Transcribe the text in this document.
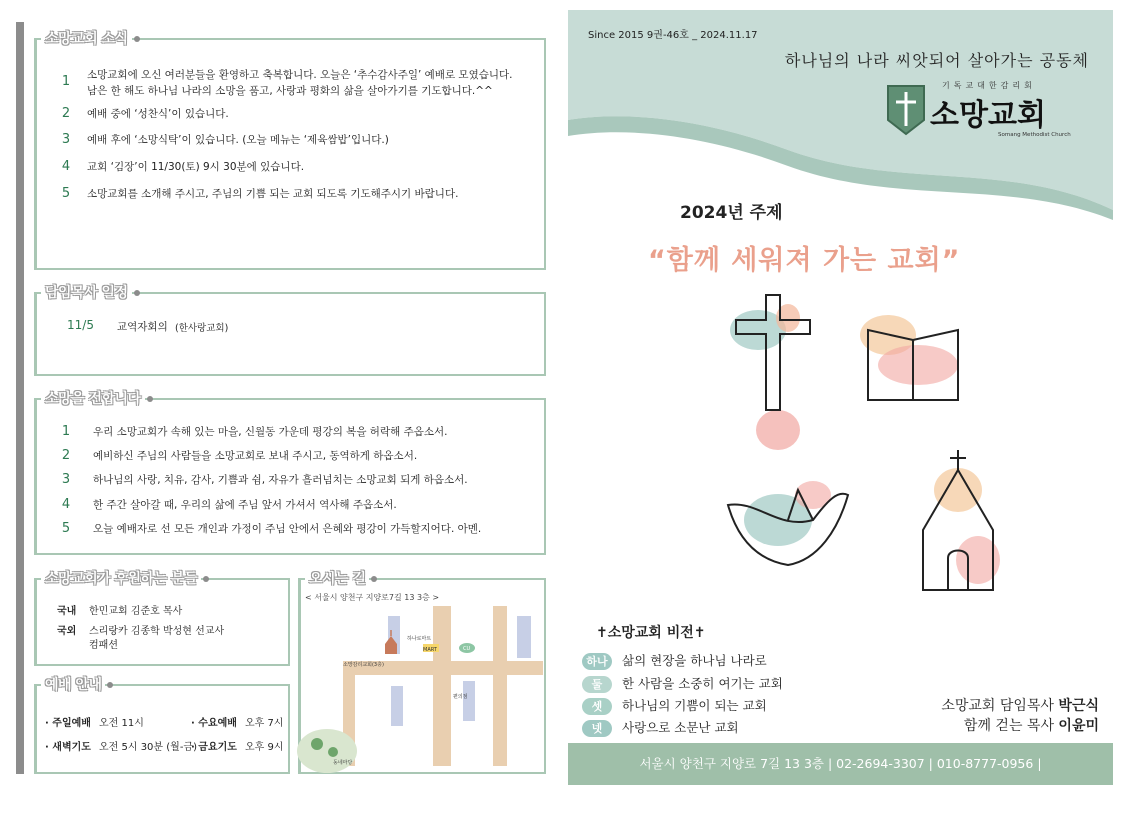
소망교회 소식
1 소망교회에 오신 여러분들을 환영하고 축복합니다. 오늘은 ‘추수감사주일’ 예배로 모였습니다.
남은 한 해도 하나님 나라의 소망을 품고, 사랑과 평화의 삶을 살아가기를 기도합니다.^^
2 예배 중에 ‘성찬식’이 있습니다.
3 예배 후에 ‘소망식탁’이 있습니다. (오늘 메뉴는 ‘제육쌈밥’입니다.)
4 교회 ‘김장’이 11/30(토) 9시 30분에 있습니다.
5 소망교회를 소개해 주시고, 주님의 기쁨 되는 교회 되도록 기도해주시기 바랍니다.
담임목사 일정
11/5 교역자회의 (한사랑교회)
소망을 전합니다
1 우리 소망교회가 속해 있는 마을, 신월동 가운데 평강의 복을 허락해 주옵소서.
2 예비하신 주님의 사람들을 소망교회로 보내 주시고, 동역하게 하옵소서.
3 하나님의 사랑, 치유, 감사, 기쁨과 쉼, 자유가 흘러넘치는 소망교회 되게 하옵소서.
4 한 주간 살아갈 때, 우리의 삶에 주님 앞서 가셔서 역사해 주옵소서.
5 오늘 예배자로 선 모든 개인과 가정이 주님 안에서 은혜와 평강이 가득할지어다. 아멘.
소망교회가 후원하는 분들
국내 한민교회 김준호 목사
국외 스리랑카 김종학 박성현 선교사
컴패션
예배 안내
· 주일예배 오전 11시	· 수요예배 오후 7시
· 새벽기도 오전 5시 30분 (월-금)
· 금요기도 오후 9시
오시는 길
< 서울시 양천구 지양로7길 13 3층 >
하나로마트
MART	CU
소망감리교회(3층)
편의점
동네마당
Since 2015 9권-46호 _ 2024.11.17
하나님의 나라 씨앗되어 살아가는 공동체
기독교대한감리회
소망교회
Somang Methodist Church
2024년 주제
“함께 세워져 가는 교회”
✝소망교회 비전✝
하나 삶의 현장을 하나님 나라로
둘 한 사람을 소중히 여기는 교회
셋 하나님의 기쁨이 되는 교회
넷 사랑으로 소문난 교회
소망교회 담임목사 박근식
함께 걷는 목사 이윤미
서울시 양천구 지양로 7길 13 3층 | 02-2694-3307 | 010-8777-0956 | keunsik0528@naver.com
